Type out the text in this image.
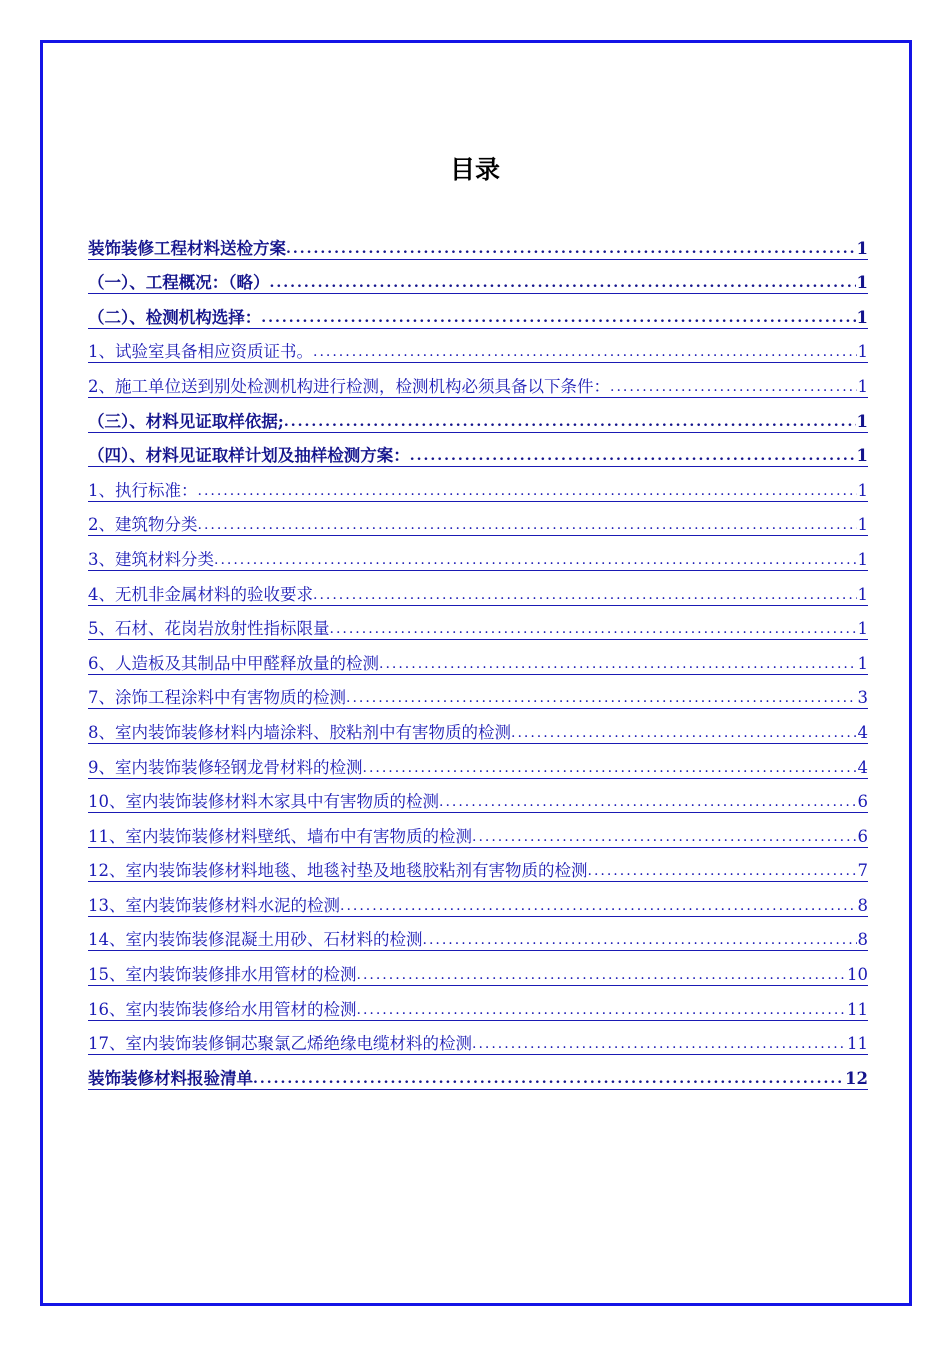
目录
装饰装修工程材料送检方案 .....	1
（一）、工程概况：（略） .....	1
（二）、检测机构选择： .....	1
1、试验室具备相应资质证书。 .....	1
2、施工单位送到别处检测机构进行检测，检测机构必须具备以下条件： .....	1
（三）、材料见证取样依据; .....	1
（四）、材料见证取样计划及抽样检测方案： .....	1
1、执行标准： .....	1
2、建筑物分类 .....	1
3、建筑材料分类 .....	1
4、无机非金属材料的验收要求 .....	1
5、石材、花岗岩放射性指标限量 .....	1
6、人造板及其制品中甲醛释放量的检测 .....	1
7、涂饰工程涂料中有害物质的检测 .....	3
8、室内装饰装修材料内墙涂料、胶粘剂中有害物质的检测 .....	4
9、室内装饰装修轻钢龙骨材料的检测 .....	4
10、室内装饰装修材料木家具中有害物质的检测 .....	6
11、室内装饰装修材料壁纸、墙布中有害物质的检测 .....	6
12、室内装饰装修材料地毯、地毯衬垫及地毯胶粘剂有害物质的检测 .....	7
13、室内装饰装修材料水泥的检测 .....	8
14、室内装饰装修混凝土用砂、石材料的检测 .....	8
15、室内装饰装修排水用管材的检测 .....	10
16、室内装饰装修给水用管材的检测 .....	11
17、室内装饰装修铜芯聚氯乙烯绝缘电缆材料的检测 .....	11
装饰装修材料报验清单 .....	12
